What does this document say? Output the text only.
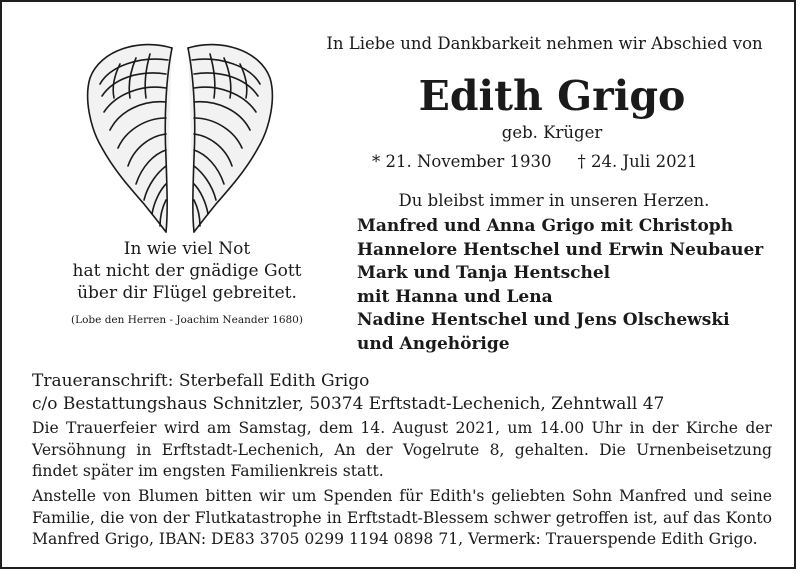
In wie viel Not
hat nicht der gnädige Gott
über dir Flügel gebreitet.
(Lobe den Herren - Joachim Neander 1680)
In Liebe und Dankbarkeit nehmen wir Abschied von
Edith Grigo
geb. Krüger
* 21. November 1930 † 24. Juli 2021
Du bleibst immer in unseren Herzen.
Manfred und Anna Grigo mit Christoph
Hannelore Hentschel und Erwin Neubauer
Mark und Tanja Hentschel
mit Hanna und Lena
Nadine Hentschel und Jens Olschewski
und Angehörige
Traueranschrift: Sterbefall Edith Grigo
c/o Bestattungshaus Schnitzler, 50374 Erftstadt-Lechenich, Zehntwall 47
Die Trauerfeier wird am Samstag, dem 14. August 2021, um 14.00 Uhr in der Kirche der Versöhnung in Erftstadt-Lechenich, An der Vogelrute 8, gehalten. Die Urnenbeisetzung findet später im engsten Familienkreis statt.
Anstelle von Blumen bitten wir um Spenden für Edith's geliebten Sohn Manfred und seine Familie, die von der Flutkatastrophe in Erftstadt-Blessem schwer getroffen ist, auf das Konto Manfred Grigo, IBAN: DE83 3705 0299 1194 0898 71, Vermerk: Trauerspende Edith Grigo.
